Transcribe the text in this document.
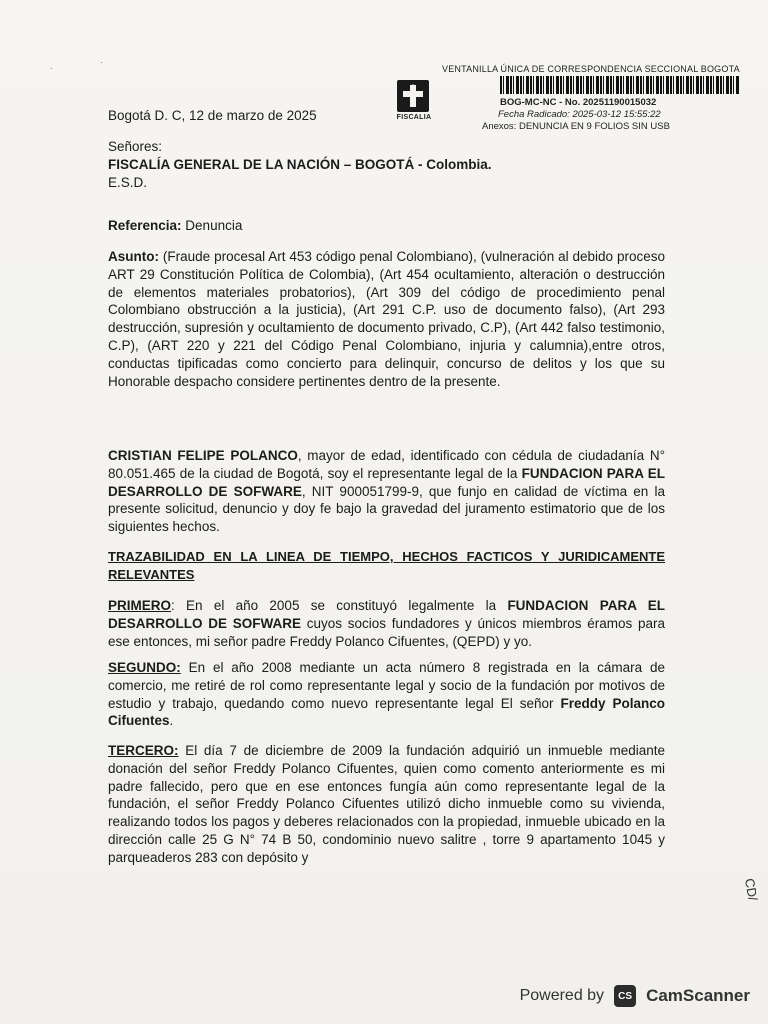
·
·
VENTANILLA ÚNICA DE CORRESPONDENCIA SECCIONAL BOGOTA
BOG-MC-NC - No. 20251190015032
Fecha Radicado: 2025-03-12 15:55:22
Anexos: DENUNCIA EN 9 FOLIOS SIN USB
FISCALIA
Bogotá D. C, 12 de marzo de 2025
Señores:
FISCALÍA GENERAL DE LA NACIÓN – BOGOTÁ - Colombia.
E.S.D.
Referencia: Denuncia
Asunto: (Fraude procesal Art 453 código penal Colombiano), (vulneración al debido proceso ART 29 Constitución Política de Colombia), (Art 454 ocultamiento, alteración o destrucción de elementos materiales probatorios), (Art 309 del código de procedimiento penal Colombiano obstrucción a la justicia), (Art 291 C.P. uso de documento falso), (Art 293 destrucción, supresión y ocultamiento de documento privado, C.P), (Art 442 falso testimonio, C.P), (ART 220 y 221 del Código Penal Colombiano, injuria y calumnia),entre otros, conductas tipificadas como concierto para delinquir, concurso de delitos y los que su Honorable despacho considere pertinentes dentro de la presente.
CRISTIAN FELIPE POLANCO, mayor de edad, identificado con cédula de ciudadanía N° 80.051.465 de la ciudad de Bogotá, soy el representante legal de la FUNDACION PARA EL DESARROLLO DE SOFWARE, NIT 900051799-9, que funjo en calidad de víctima en la presente solicitud, denuncio y doy fe bajo la gravedad del juramento estimatorio que de los siguientes hechos.
TRAZABILIDAD EN LA LINEA DE TIEMPO, HECHOS FACTICOS Y JURIDICAMENTE RELEVANTES
PRIMERO: En el año 2005 se constituyó legalmente la FUNDACION PARA EL DESARROLLO DE SOFWARE cuyos socios fundadores y únicos miembros éramos para ese entonces, mi señor padre Freddy Polanco Cifuentes, (QEPD) y yo.
SEGUNDO: En el año 2008 mediante un acta número 8 registrada en la cámara de comercio, me retiré de rol como representante legal y socio de la fundación por motivos de estudio y trabajo, quedando como nuevo representante legal El señor Freddy Polanco Cifuentes.
TERCERO: El día 7 de diciembre de 2009 la fundación adquirió un inmueble mediante donación del señor Freddy Polanco Cifuentes, quien como comento anteriormente es mi padre fallecido, pero que en ese entonces fungía aún como representante legal de la fundación, el señor Freddy Polanco Cifuentes utilizó dicho inmueble como su vivienda, realizando todos los pagos y deberes relacionados con la propiedad, inmueble ubicado en la dirección calle 25 G N° 74 B 50, condominio nuevo salitre , torre 9 apartamento 1045 y parqueaderos 283 con depósito y
CD/
Powered by	CS CamScanner
